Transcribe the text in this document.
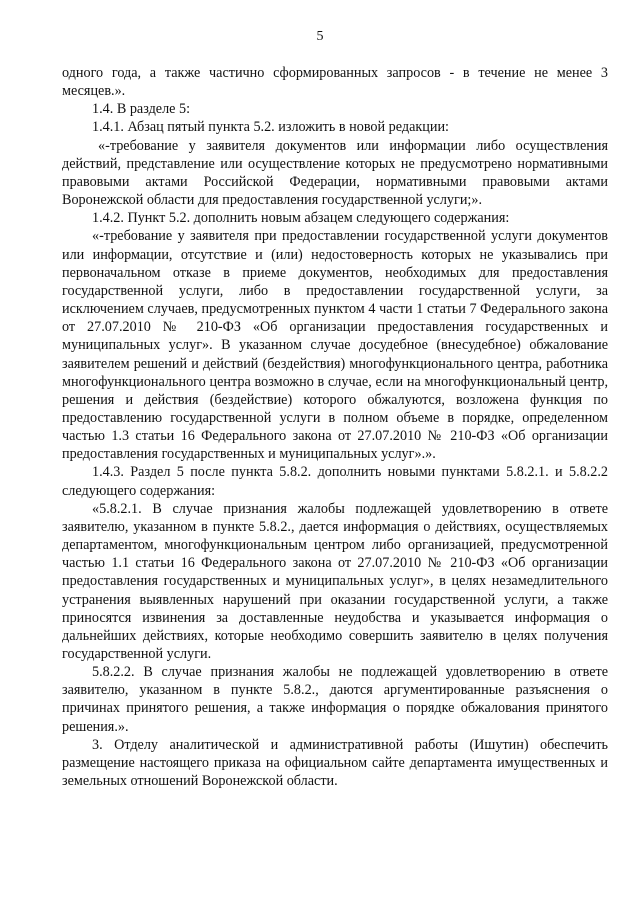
5

одного года, а также частично сформированных запросов - в течение не менее 3 месяцев.».

1.4. В разделе 5:

1.4.1. Абзац пятый пункта 5.2. изложить в новой редакции:

«-требование у заявителя документов или информации либо осуществления действий, представление или осуществление которых не предусмотрено нормативными правовыми актами Российской Федерации, нормативными правовыми актами Воронежской области для предоставления государственной услуги;».

1.4.2. Пункт 5.2. дополнить новым абзацем следующего содержания:

«-требование у заявителя при предоставлении государственной услуги документов или информации, отсутствие и (или) недостоверность которых не указывались при первоначальном отказе в приеме документов, необходимых для предоставления государственной услуги, либо в предоставлении государственной услуги, за исключением случаев, предусмотренных пунктом 4 части 1 статьи 7 Федерального закона от 27.07.2010 № 210-ФЗ «Об организации предоставления государственных и муниципальных услуг». В указанном случае досудебное (внесудебное) обжалование заявителем решений и действий (бездействия) многофункционального центра, работника многофункционального центра возможно в случае, если на многофункциональный центр, решения и действия (бездействие) которого обжалуются, возложена функция по предоставлению государственной услуги в полном объеме в порядке, определенном частью 1.3 статьи 16 Федерального закона от 27.07.2010 № 210-ФЗ «Об организации предоставления государственных и муниципальных услуг».».

1.4.3. Раздел 5 после пункта 5.8.2. дополнить новыми пунктами 5.8.2.1. и 5.8.2.2 следующего содержания:

«5.8.2.1. В случае признания жалобы подлежащей удовлетворению в ответе заявителю, указанном в пункте 5.8.2., дается информация о действиях, осуществляемых департаментом, многофункциональным центром либо организацией, предусмотренной частью 1.1 статьи 16 Федерального закона от 27.07.2010 № 210-ФЗ «Об организации предоставления государственных и муниципальных услуг», в целях незамедлительного устранения выявленных нарушений при оказании государственной услуги, а также приносятся извинения за доставленные неудобства и указывается информация о дальнейших действиях, которые необходимо совершить заявителю в целях получения государственной услуги.

5.8.2.2. В случае признания жалобы не подлежащей удовлетворению в ответе заявителю, указанном в пункте 5.8.2., даются аргументированные разъяснения о причинах принятого решения, а также информация о порядке обжалования принятого решения.».

3. Отделу аналитической и административной работы (Ишутин) обеспечить размещение настоящего приказа на официальном сайте департамента имущественных и земельных отношений Воронежской области.
